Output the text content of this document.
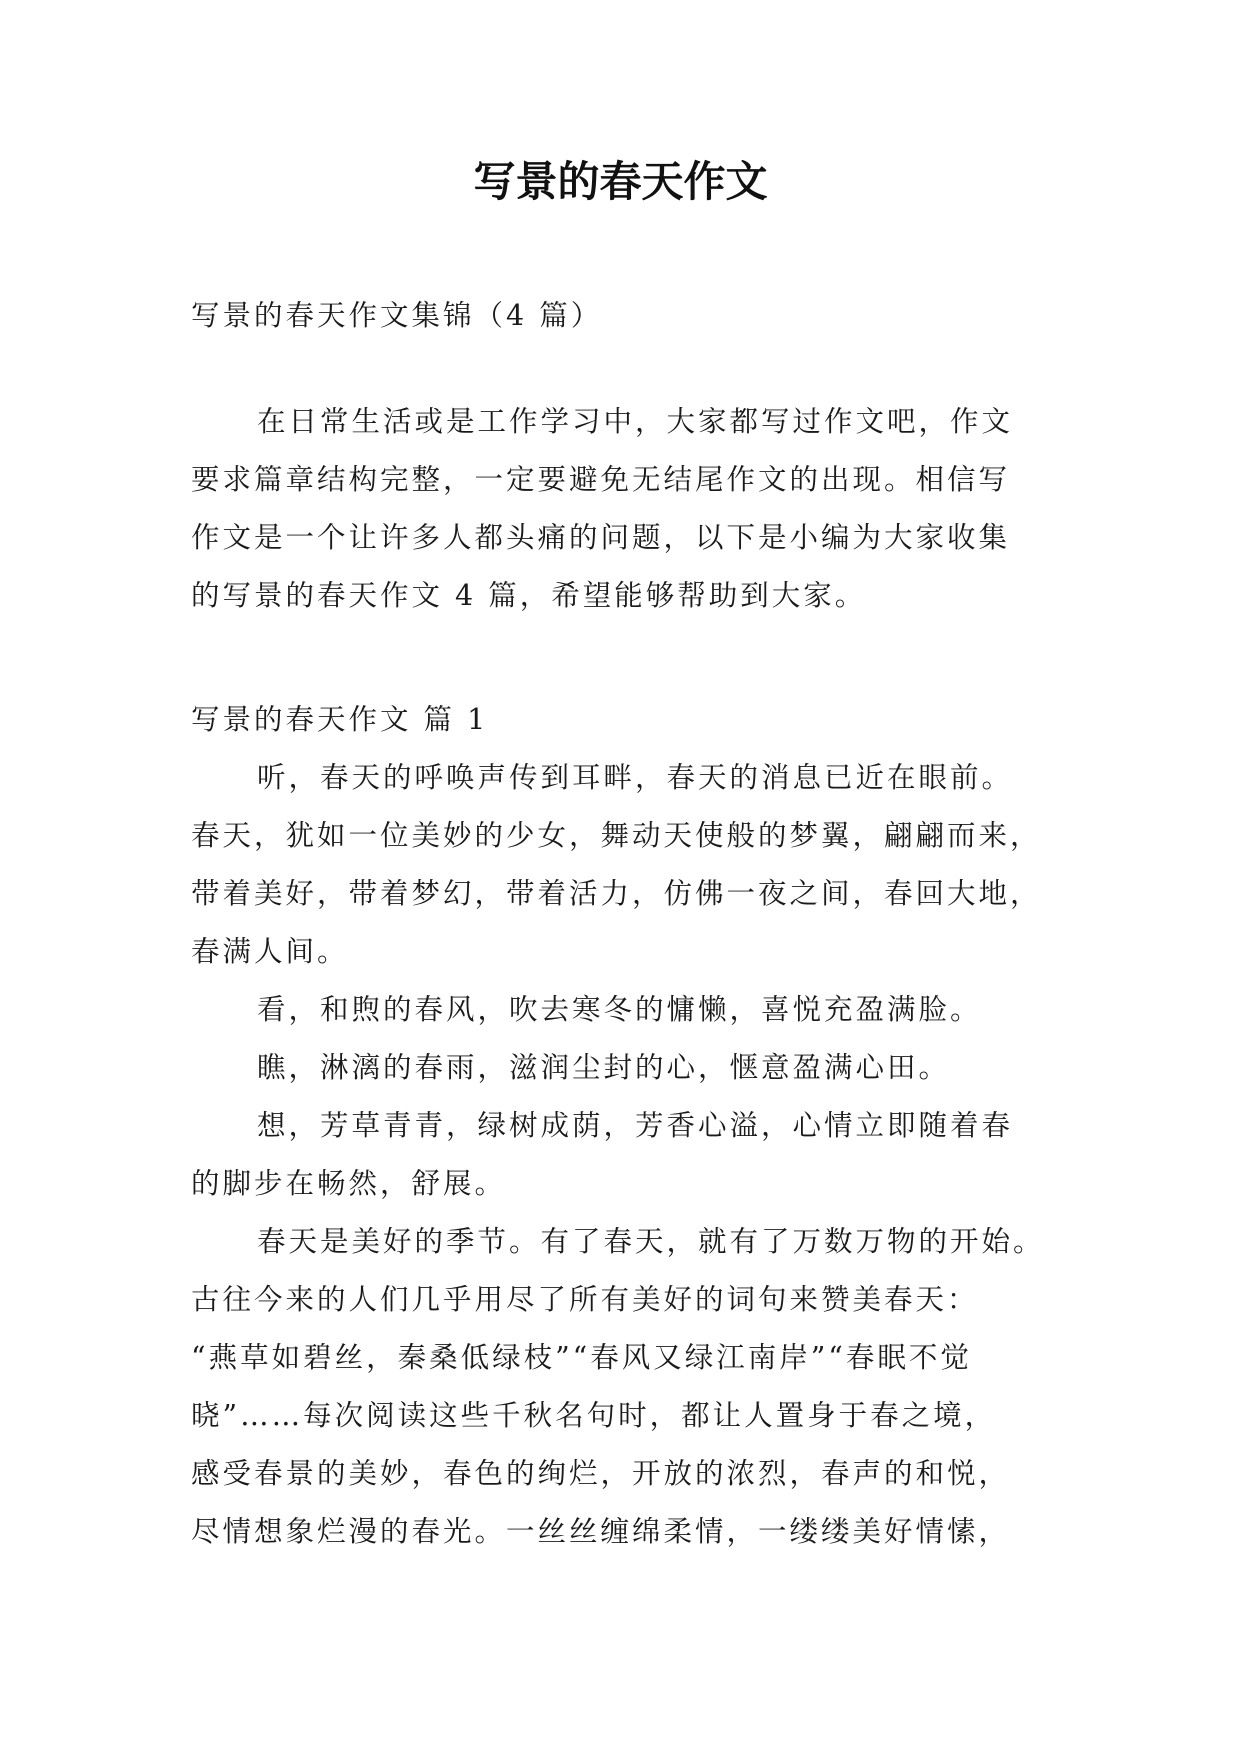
写景的春天作文

写景的春天作文集锦（4 篇）

在日常生活或是工作学习中，大家都写过作文吧，作文

要求篇章结构完整，一定要避免无结尾作文的出现。相信写

作文是一个让许多人都头痛的问题，以下是小编为大家收集

的写景的春天作文 4 篇，希望能够帮助到大家。

写景的春天作文 篇 1

听，春天的呼唤声传到耳畔，春天的消息已近在眼前。

春天，犹如一位美妙的少女，舞动天使般的梦翼，翩翩而来，

带着美好，带着梦幻，带着活力，仿佛一夜之间，春回大地，

春满人间。

看，和煦的春风，吹去寒冬的慵懒，喜悦充盈满脸。

瞧，淋漓的春雨，滋润尘封的心，惬意盈满心田。

想，芳草青青，绿树成荫，芳香心溢，心情立即随着春

的脚步在畅然，舒展。

春天是美好的季节。有了春天，就有了万数万物的开始。

古往今来的人们几乎用尽了所有美好的词句来赞美春天：

“燕草如碧丝，秦桑低绿枝”“春风又绿江南岸”“春眠不觉

晓”……每次阅读这些千秋名句时，都让人置身于春之境，

感受春景的美妙，春色的绚烂，开放的浓烈，春声的和悦，

尽情想象烂漫的春光。一丝丝缠绵柔情，一缕缕美好情愫，
